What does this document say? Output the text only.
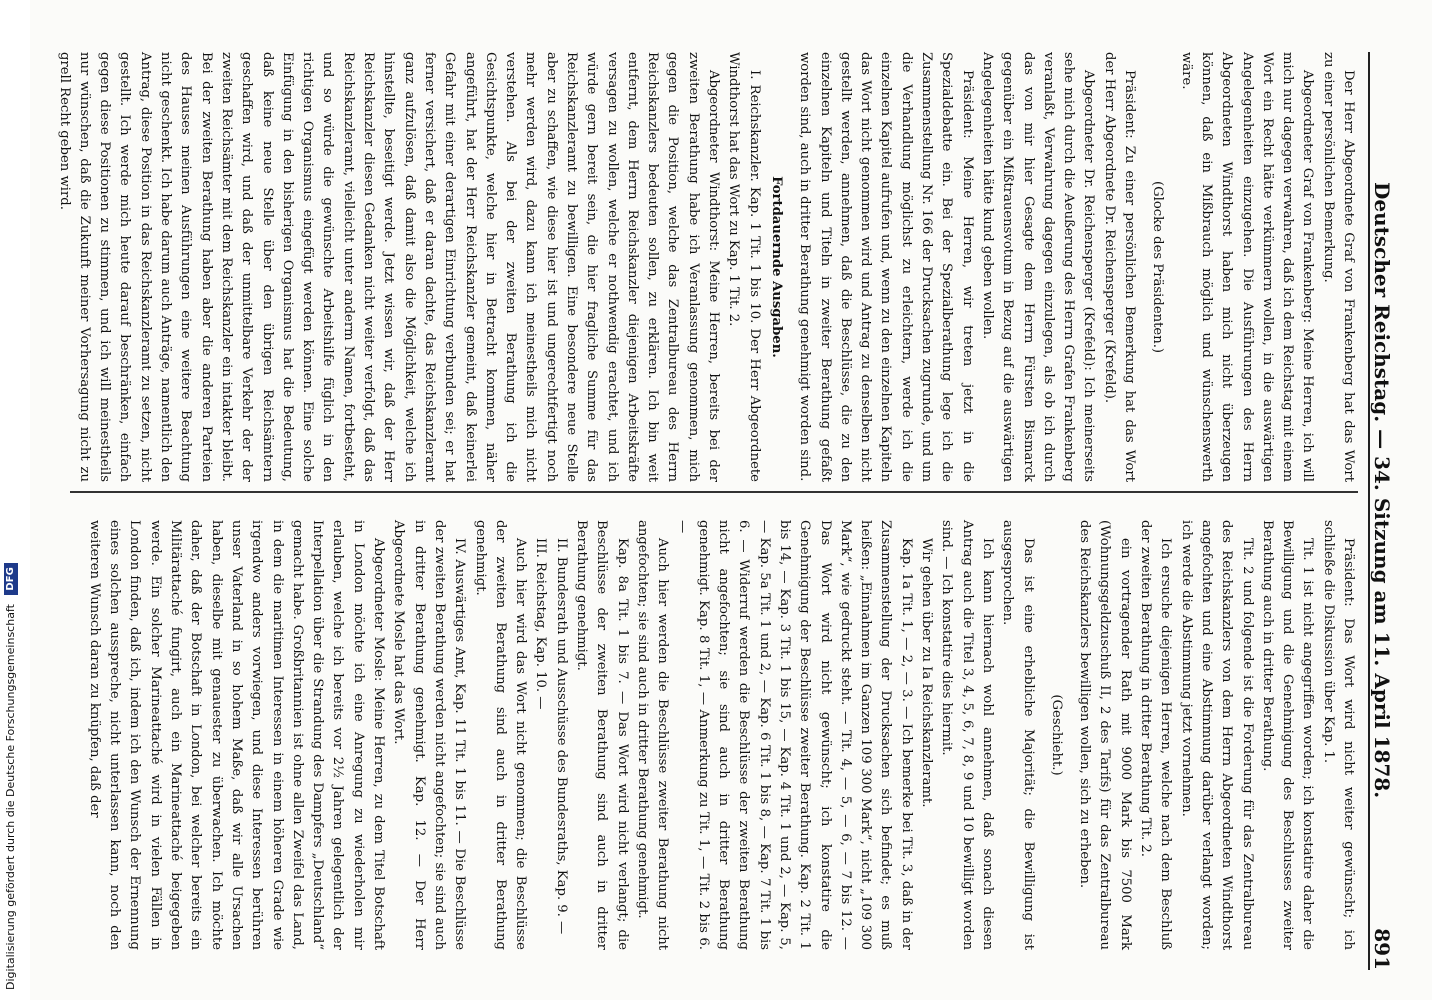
Deutscher Reichstag. — 34. Sitzung am 11. April 1878.
891

Der Herr Abgeordnete Graf von Frankenberg hat das Wort zu einer persönlichen Bemerkung.

Abgeordneter Graf von Frankenberg: Meine Herren, ich will mich nur dagegen verwahren, daß ich dem Reichstag mit einem Wort ein Recht hätte verkümmern wollen, in die auswärtigen Angelegenheiten einzugehen. Die Ausführungen des Herrn Abgeordneten Windthorst haben mich nicht überzeugen können, daß ein Mißbrauch möglich und wünschenswerth wäre.

(Glocke des Präsidenten.)

Präsident: Zu einer persönlichen Bemerkung hat das Wort der Herr Abgeordnete Dr. Reichensperger (Krefeld).

Abgeordneter Dr. Reichensperger (Krefeld): Ich meinerseits sehe mich durch die Aeußerung des Herrn Grafen Frankenberg veranlaßt, Verwahrung dagegen einzulegen, als ob ich durch das von mir hier Gesagte dem Herrn Fürsten Bismarck gegenüber ein Mißtrauensvotum in Bezug auf die auswärtigen Angelegenheiten hätte kund geben wollen.

Präsident: Meine Herren, wir treten jetzt in die Spezialdebatte ein. Bei der Spezialberathung lege ich die Zusammenstellung Nr. 166 der Drucksachen zugrunde, und um die Verhandlung möglichst zu erleichtern, werde ich die einzelnen Kapitel aufrufen und, wenn zu den einzelnen Kapiteln das Wort nicht genommen wird und Antrag zu denselben nicht gestellt werden, annehmen, daß die Beschlüsse, die zu den einzelnen Kapiteln und Titeln in zweiter Berathung gefaßt worden sind, auch in dritter Berathung genehmigt worden sind.

Fortdauernde Ausgaben.

I. Reichskanzler. Kap. 1 Tit. 1 bis 10. Der Herr Abgeordnete Windthorst hat das Wort zu Kap. 1 Tit. 2.

Abgeordneter Windthorst: Meine Herren, bereits bei der zweiten Berathung habe ich Veranlassung genommen, mich gegen die Position, welche das Zentralbureau des Herrn Reichskanzlers bedeuten sollen, zu erklären. Ich bin weit entfernt, dem Herrn Reichskanzler diejenigen Arbeitskräfte versagen zu wollen, welche er nothwendig erachtet, und ich würde gern bereit sein, die hier fragliche Summe für das Reichskanzleramt zu bewilligen. Eine besondere neue Stelle aber zu schaffen, wie diese hier ist und ungerechtfertigt noch mehr werden wird, dazu kann ich meinestheils mich nicht verstehen. Als bei der zweiten Berathung ich die Gesichtspunkte, welche hier in Betracht kommen, näher angeführt, hat der Herr Reichskanzler gemeint, daß keinerlei Gefahr mit einer derartigen Einrichtung verbunden sei; er hat ferner versichert, daß er daran dachte, das Reichskanzleramt ganz aufzulösen, daß damit also die Möglichkeit, welche ich hinstellte, beseitigt werde. Jetzt wissen wir, daß der Herr Reichskanzler diesen Gedanken nicht weiter verfolgt, daß das Reichskanzleramt, vielleicht unter anderm Namen, fortbesteht, und so würde die gewünschte Arbeitshilfe füglich in den richtigen Organismus eingefügt werden können. Eine solche Einfügung in den bisherigen Organismus hat die Bedeutung, daß keine neue Stelle über den übrigen Reichsämtern geschaffen wird, und daß der unmittelbare Verkehr der der zweiten Reichsämter mit dem Reichskanzler ein intakter bleibt. Bei der zweiten Berathung haben aber die anderen Parteien des Hauses meinen Ausführungen eine weitere Beachtung nicht geschenkt. Ich habe darum auch Anträge, namentlich den Antrag, diese Position in das Reichskanzleramt zu setzen, nicht gestellt. Ich werde mich heute darauf beschränken, einfach gegen diese Positionen zu stimmen, und ich will meinestheils nur wünschen, daß die Zukunft meiner Vorhersagung nicht zu grell Recht geben wird.

Präsident: Das Wort wird nicht weiter gewünscht; ich schließe die Diskussion über Kap. 1.

Tit. 1 ist nicht angegriffen worden; ich konstatire daher die Bewilligung und die Genehmigung des Beschlusses zweiter Berathung auch in dritter Berathung.

Tit. 2 und folgende ist die Forderung für das Zentralbureau des Reichskanzlers von dem Herrn Abgeordneten Windthorst angefochten und eine Abstimmung darüber verlangt worden; ich werde die Abstimmung jetzt vornehmen.

Ich ersuche diejenigen Herren, welche nach dem Beschluß der zweiten Berathung in dritter Berathung Tit. 2.

ein vortragender Rath mit 9000 Mark bis 7500 Mark (Wohnungsgeldzuschuß II, 2 des Tarifs) für das Zentralbureau des Reichskanzlers bewilligen wollen, sich zu erheben.

(Geschieht.)

Das ist eine erhebliche Majorität; die Bewilligung ist ausgesprochen.

Ich kann hiernach wohl annehmen, daß sonach diesen Antrag auch die Titel 3, 4, 5, 6, 7, 8, 9 und 10 bewilligt worden sind. — Ich konstatire dies hiermit.

Wir gehen über zu Ia Reichskanzleramt.

Kap. 1a Tit. 1, — 2, — 3. — Ich bemerke bei Tit. 3, daß in der Zusammenstellung der Drucksachen sich befindet; es muß heißen: „Einnahmen im Ganzen 109 300 Mark“, nicht „109 300 Mark“, wie gedruckt steht. — Tit. 4, — 5, — 6, — 7 bis 12. — Das Wort wird nicht gewünscht; ich konstatire die Genehmigung der Beschlüsse zweiter Berathung. Kap. 2 Tit. 1 bis 14, — Kap. 3 Tit. 1 bis 15, — Kap. 4 Tit. 1 und 2, — Kap. 5, — Kap. 5a Tit. 1 und 2, — Kap. 6 Tit. 1 bis 8, — Kap. 7 Tit. 1 bis 6. — Widerruf werden die Beschlüsse der zweiten Berathung nicht angefochten; sie sind auch in dritter Berathung genehmigt. Kap. 8 Tit. 1, — Anmerkung zu Tit. 1, — Tit. 2 bis 6. —

Auch hier werden die Beschlüsse zweiter Berathung nicht angefochten; sie sind auch in dritter Berathung genehmigt.

Kap. 8a Tit. 1 bis 7. — Das Wort wird nicht verlangt; die Beschlüsse der zweiten Berathung sind auch in dritter Berathung genehmigt.

II. Bundesrath und Ausschüsse des Bundesraths, Kap. 9. —

III. Reichstag, Kap. 10. —

Auch hier wird das Wort nicht genommen; die Beschlüsse der zweiten Berathung sind auch in dritter Berathung genehmigt.

IV. Auswärtiges Amt, Kap. 11 Tit. 1 bis 11. — Die Beschlüsse der zweiten Berathung werden nicht angefochten; sie sind auch in dritter Berathung genehmigt. Kap. 12. — Der Herr Abgeordnete Mosle hat das Wort.

Abgeordneter Mosle: Meine Herren, zu dem Titel Botschaft in London möchte ich eine Anregung zu wiederholen mir erlauben, welche ich bereits vor 2½ Jahren gelegentlich der Interpellation über die Strandung des Dampfers „Deutschland“ gemacht habe. Großbritannien ist ohne allen Zweifel das Land, in dem die maritimen Interessen in einem höheren Grade wie irgendwo anders vorwiegen, und diese Interessen berühren unser Vaterland in so hohem Maße, daß wir alle Ursachen haben, dieselbe mit genauester zu überwachen. Ich möchte daher, daß der Botschaft in London, bei welcher bereits ein Militärattaché fungirt, auch ein Marineattaché beigegeben werde. Ein solcher Marineattaché wird in vielen Fällen in London finden, daß ich, indem ich den Wunsch der Ernennung eines solchen ausspreche, nicht unterlassen kann, noch den weiteren Wunsch daran zu knüpfen, daß der

Digitalisierung gefördert durch die Deutsche Forschungsgemeinschaft DFG
